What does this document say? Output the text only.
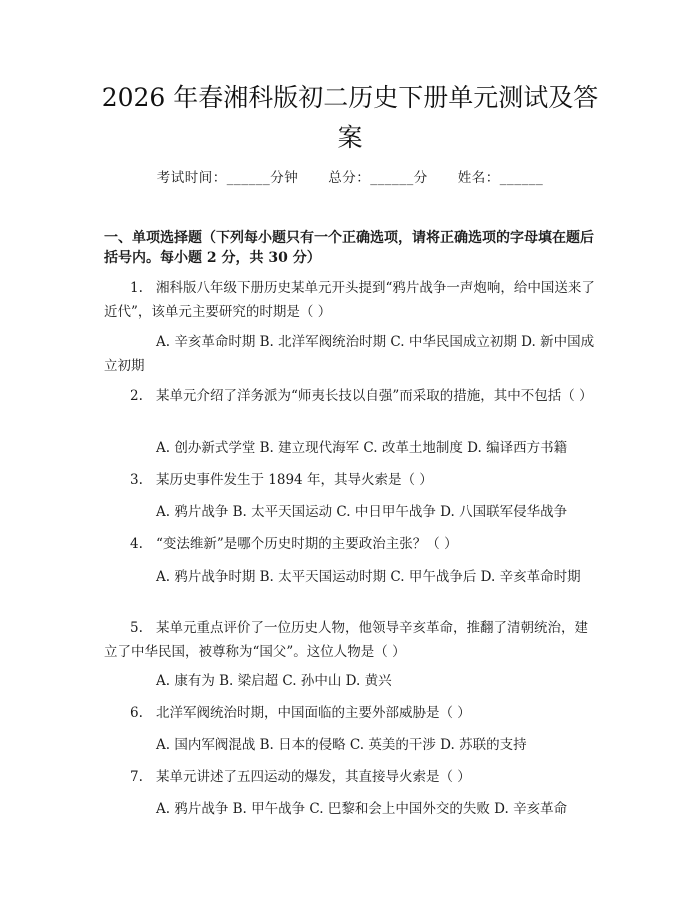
2026 年春湘科版初二历史下册单元测试及答
案
考试时间：______分钟 总分：______分 姓名：______
一、单项选择题（下列每小题只有一个正确选项，请将正确选项的字母填在题后括号内。每小题 2 分，共 30 分）
1. 湘科版八年级下册历史某单元开头提到“鸦片战争一声炮响，给中国送来了近代”，该单元主要研究的时期是（ ）
A. 辛亥革命时期 B. 北洋军阀统治时期 C. 中华民国成立初期 D. 新中国成立初期
2. 某单元介绍了洋务派为“师夷长技以自强”而采取的措施，其中不包括（ ）
A. 创办新式学堂 B. 建立现代海军 C. 改革土地制度 D. 编译西方书籍
3. 某历史事件发生于 1894 年，其导火索是（ ）
A. 鸦片战争 B. 太平天国运动 C. 中日甲午战争 D. 八国联军侵华战争
4. “变法维新”是哪个历史时期的主要政治主张？（ ）
A. 鸦片战争时期 B. 太平天国运动时期 C. 甲午战争后 D. 辛亥革命时期
5. 某单元重点评价了一位历史人物，他领导辛亥革命，推翻了清朝统治，建立了中华民国，被尊称为“国父”。这位人物是（ ）
A. 康有为 B. 梁启超 C. 孙中山 D. 黄兴
6. 北洋军阀统治时期，中国面临的主要外部威胁是（ ）
A. 国内军阀混战 B. 日本的侵略 C. 英美的干涉 D. 苏联的支持
7. 某单元讲述了五四运动的爆发，其直接导火索是（ ）
A. 鸦片战争 B. 甲午战争 C. 巴黎和会上中国外交的失败 D. 辛亥革命
